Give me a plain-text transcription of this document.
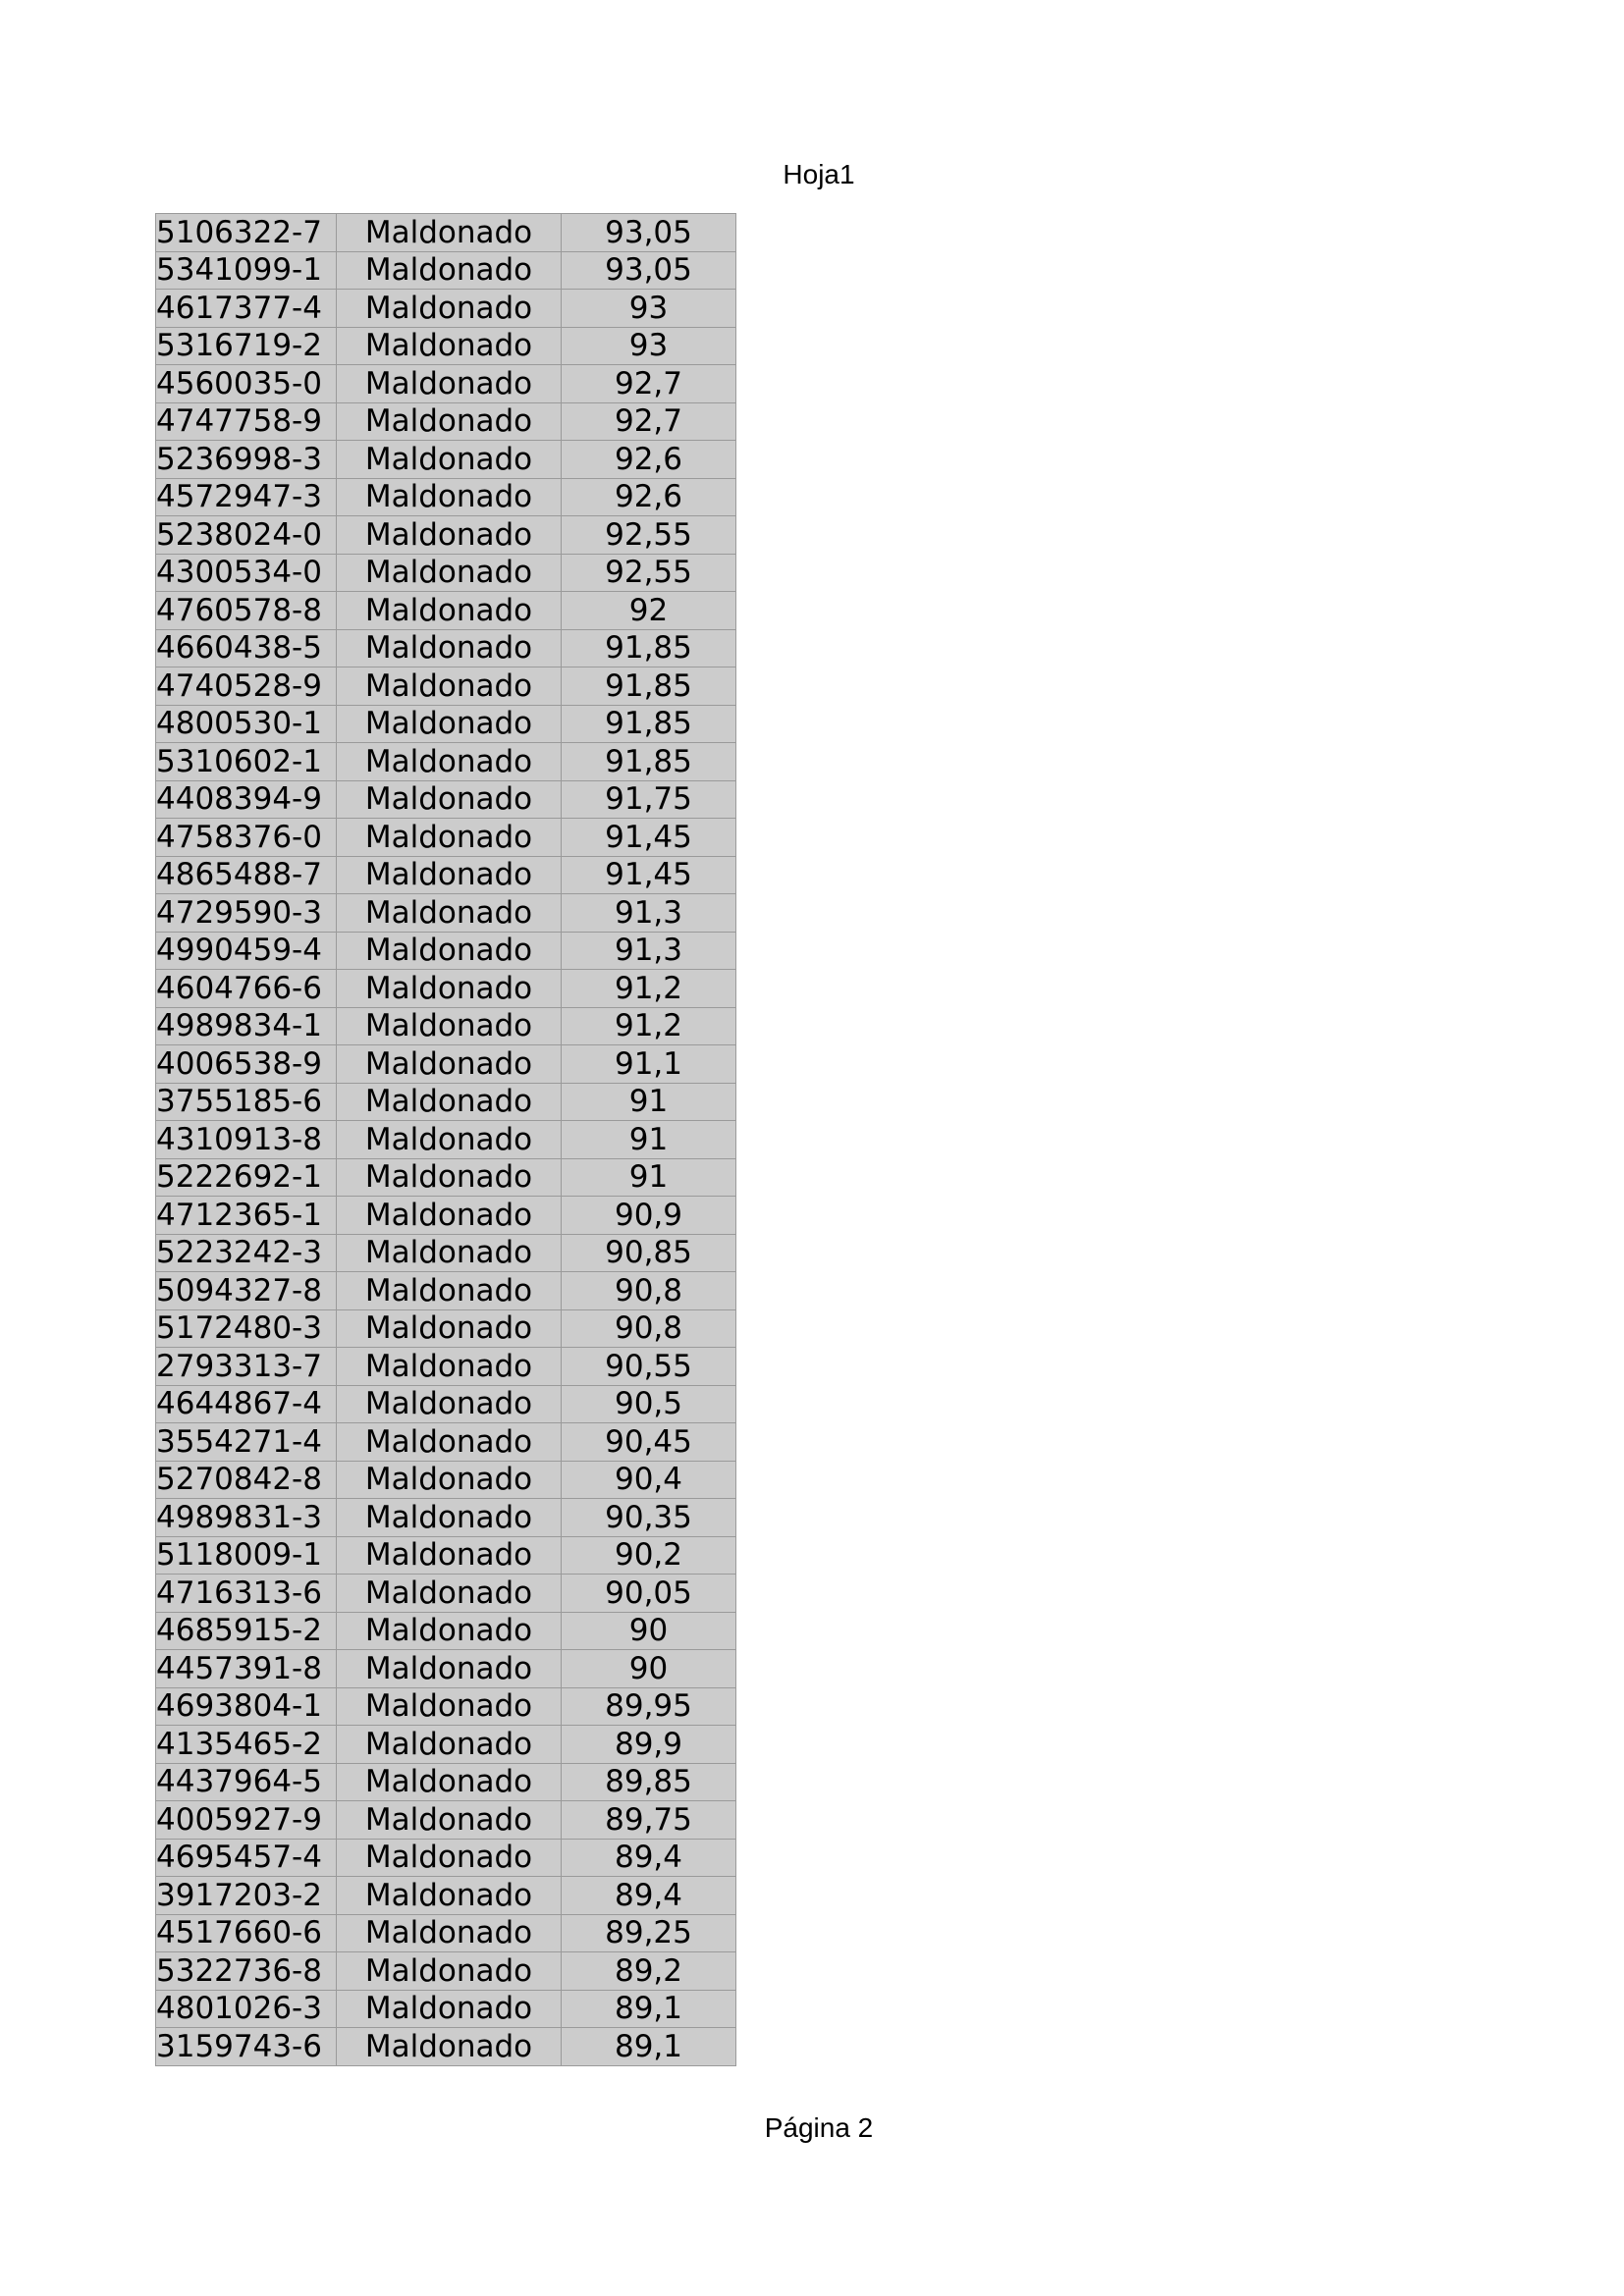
Hoja1
5106322-7	Maldonado	93,05
5341099-1	Maldonado	93,05
4617377-4	Maldonado	93
5316719-2	Maldonado	93
4560035-0	Maldonado	92,7
4747758-9	Maldonado	92,7
5236998-3	Maldonado	92,6
4572947-3	Maldonado	92,6
5238024-0	Maldonado	92,55
4300534-0	Maldonado	92,55
4760578-8	Maldonado	92
4660438-5	Maldonado	91,85
4740528-9	Maldonado	91,85
4800530-1	Maldonado	91,85
5310602-1	Maldonado	91,85
4408394-9	Maldonado	91,75
4758376-0	Maldonado	91,45
4865488-7	Maldonado	91,45
4729590-3	Maldonado	91,3
4990459-4	Maldonado	91,3
4604766-6	Maldonado	91,2
4989834-1	Maldonado	91,2
4006538-9	Maldonado	91,1
3755185-6	Maldonado	91
4310913-8	Maldonado	91
5222692-1	Maldonado	91
4712365-1	Maldonado	90,9
5223242-3	Maldonado	90,85
5094327-8	Maldonado	90,8
5172480-3	Maldonado	90,8
2793313-7	Maldonado	90,55
4644867-4	Maldonado	90,5
3554271-4	Maldonado	90,45
5270842-8	Maldonado	90,4
4989831-3	Maldonado	90,35
5118009-1	Maldonado	90,2
4716313-6	Maldonado	90,05
4685915-2	Maldonado	90
4457391-8	Maldonado	90
4693804-1	Maldonado	89,95
4135465-2	Maldonado	89,9
4437964-5	Maldonado	89,85
4005927-9	Maldonado	89,75
4695457-4	Maldonado	89,4
3917203-2	Maldonado	89,4
4517660-6	Maldonado	89,25
5322736-8	Maldonado	89,2
4801026-3	Maldonado	89,1
3159743-6	Maldonado	89,1
Página 2
